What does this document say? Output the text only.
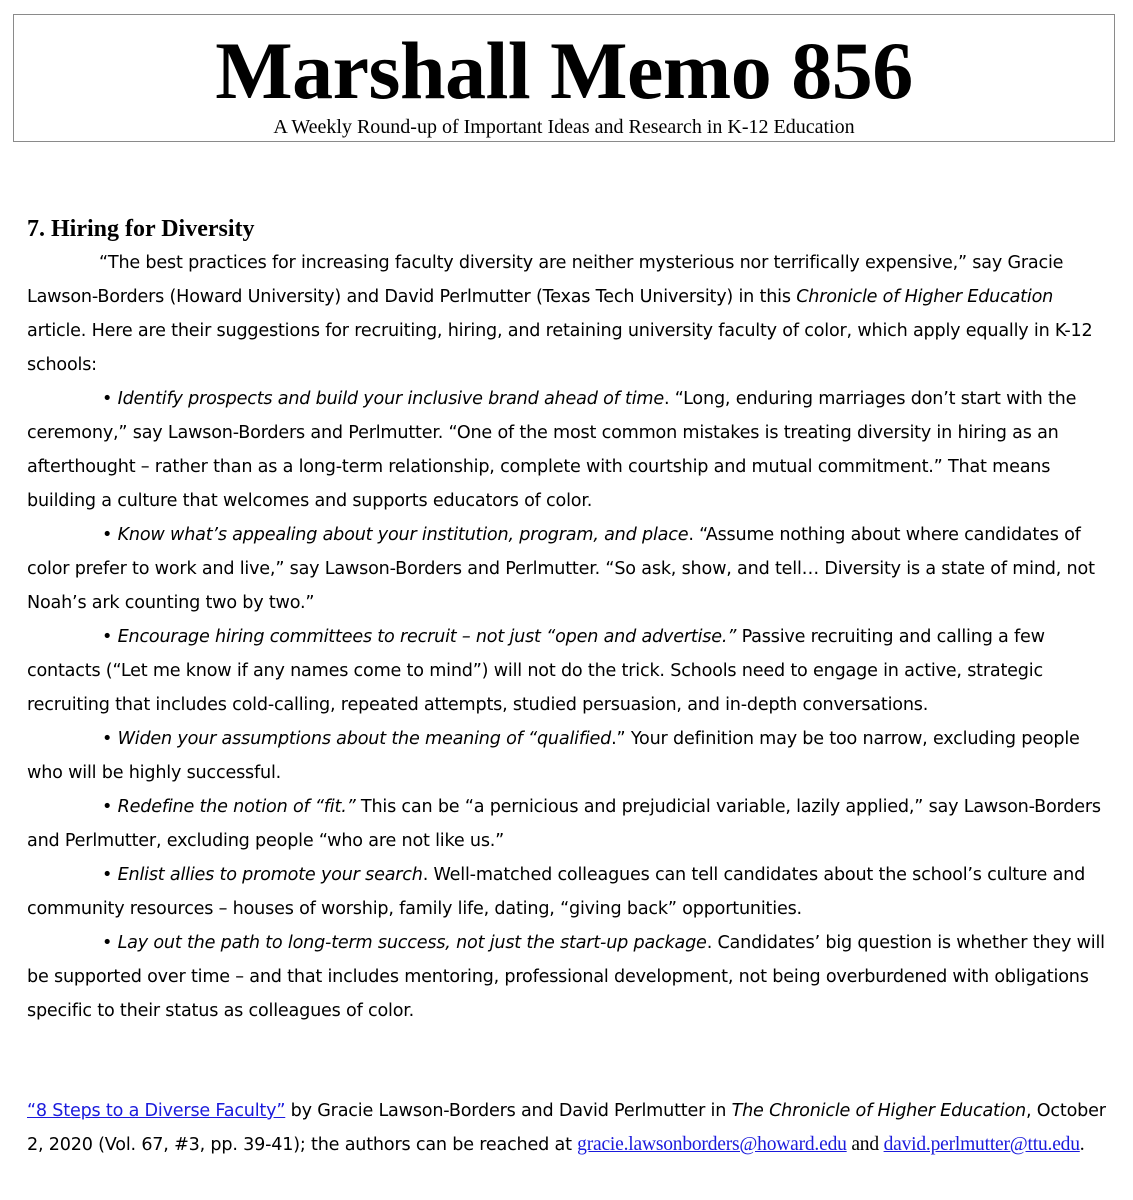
Marshall Memo 856
A Weekly Round-up of Important Ideas and Research in K-12 Education
7. Hiring for Diversity

“The best practices for increasing faculty diversity are neither mysterious nor terrifically expensive,” say Gracie Lawson-Borders (Howard University) and David Perlmutter (Texas Tech University) in this Chronicle of Higher Education article. Here are their suggestions for recruiting, hiring, and retaining university faculty of color, which apply equally in K-12 schools:

• Identify prospects and build your inclusive brand ahead of time. “Long, enduring marriages don’t start with the ceremony,” say Lawson-Borders and Perlmutter. “One of the most common mistakes is treating diversity in hiring as an afterthought – rather than as a long-term relationship, complete with courtship and mutual commitment.” That means building a culture that welcomes and supports educators of color.

• Know what’s appealing about your institution, program, and place. “Assume nothing about where candidates of color prefer to work and live,” say Lawson-Borders and Perlmutter. “So ask, show, and tell… Diversity is a state of mind, not Noah’s ark counting two by two.”

• Encourage hiring committees to recruit – not just “open and advertise.” Passive recruiting and calling a few contacts (“Let me know if any names come to mind”) will not do the trick. Schools need to engage in active, strategic recruiting that includes cold-calling, repeated attempts, studied persuasion, and in-depth conversations.

• Widen your assumptions about the meaning of “qualified.” Your definition may be too narrow, excluding people who will be highly successful.

• Redefine the notion of “fit.” This can be “a pernicious and prejudicial variable, lazily applied,” say Lawson-Borders and Perlmutter, excluding people “who are not like us.”

• Enlist allies to promote your search. Well-matched colleagues can tell candidates about the school’s culture and community resources – houses of worship, family life, dating, “giving back” opportunities.

• Lay out the path to long-term success, not just the start-up package. Candidates’ big question is whether they will be supported over time – and that includes mentoring, professional development, not being overburdened with obligations specific to their status as colleagues of color.

“8 Steps to a Diverse Faculty” by Gracie Lawson-Borders and David Perlmutter in The Chronicle of Higher Education, October 2, 2020 (Vol. 67, #3, pp. 39-41); the authors can be reached at gracie.lawsonborders@howard.edu and david.perlmutter@ttu.edu.
